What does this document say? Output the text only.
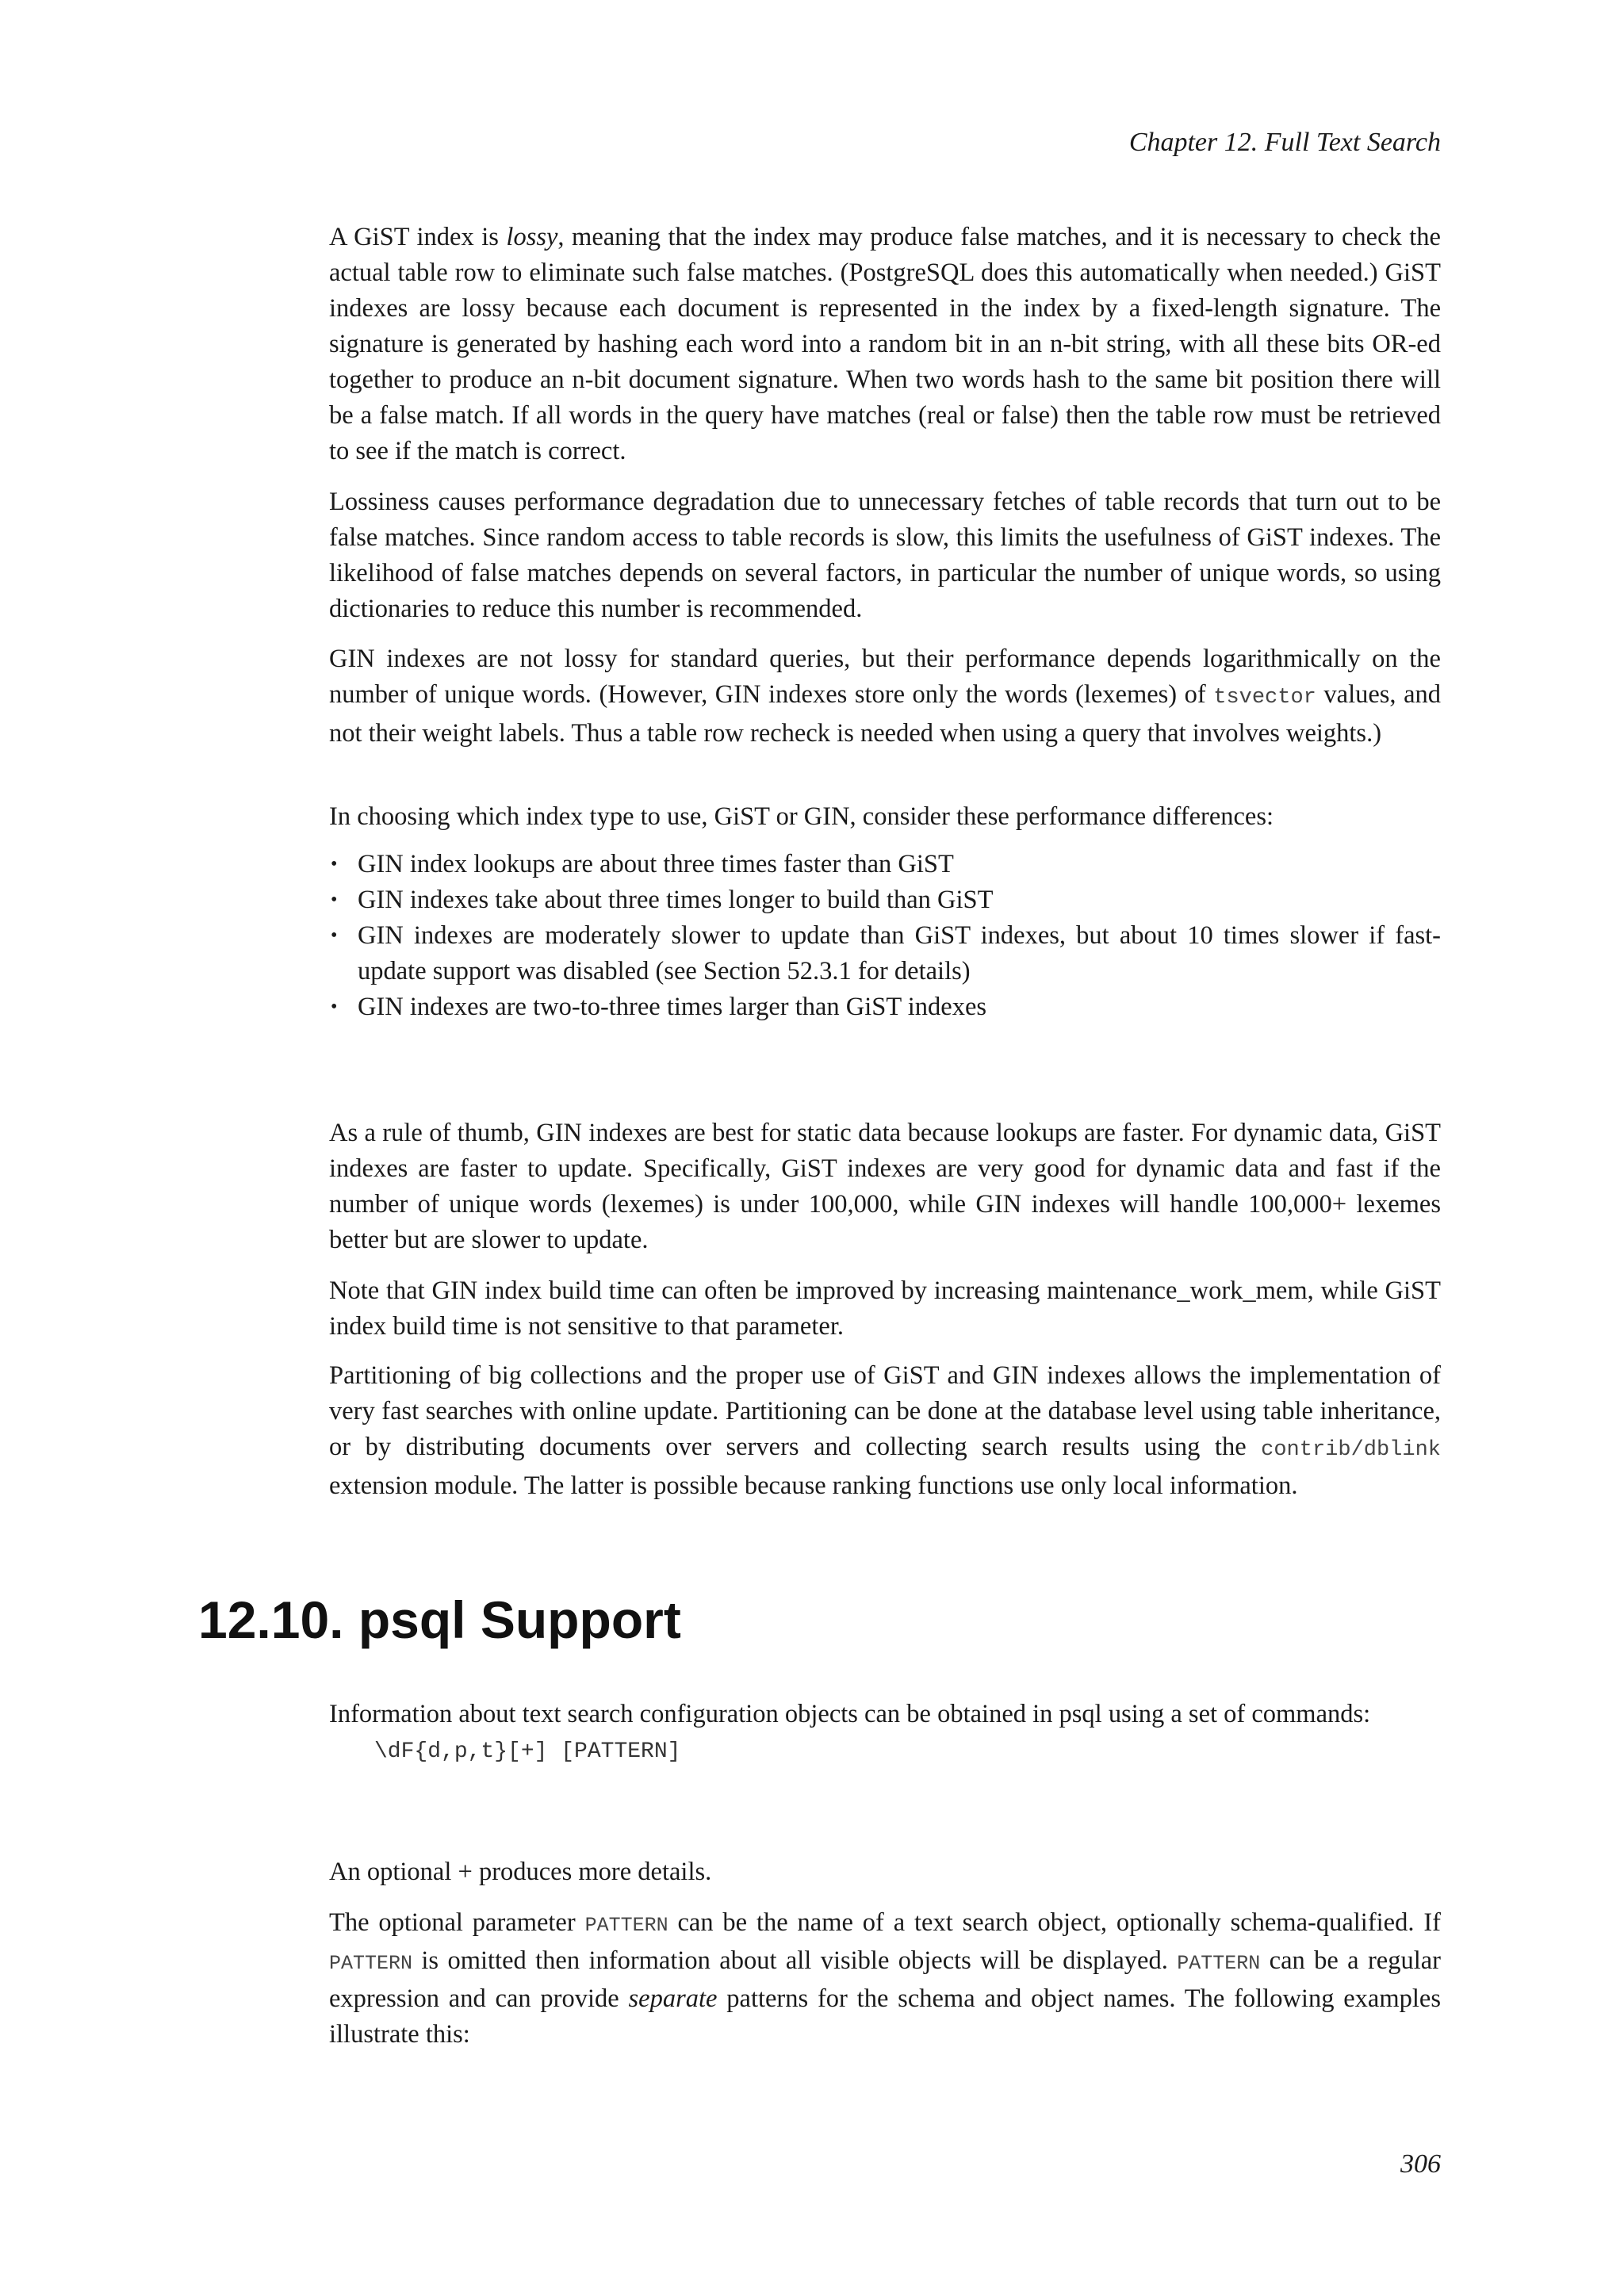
Chapter 12. Full Text Search

A GiST index is lossy, meaning that the index may produce false matches, and it is necessary to check the actual table row to eliminate such false matches. (PostgreSQL does this automatically when needed.) GiST indexes are lossy because each document is represented in the index by a fixed-length signature. The signature is generated by hashing each word into a random bit in an n-bit string, with all these bits OR-ed together to produce an n-bit document signature. When two words hash to the same bit position there will be a false match. If all words in the query have matches (real or false) then the table row must be retrieved to see if the match is correct.

Lossiness causes performance degradation due to unnecessary fetches of table records that turn out to be false matches. Since random access to table records is slow, this limits the usefulness of GiST indexes. The likelihood of false matches depends on several factors, in particular the number of unique words, so using dictionaries to reduce this number is recommended.

GIN indexes are not lossy for standard queries, but their performance depends logarithmically on the number of unique words. (However, GIN indexes store only the words (lexemes) of tsvector values, and not their weight labels. Thus a table row recheck is needed when using a query that involves weights.)

In choosing which index type to use, GiST or GIN, consider these performance differences:

• GIN index lookups are about three times faster than GiST
• GIN indexes take about three times longer to build than GiST
• GIN indexes are moderately slower to update than GiST indexes, but about 10 times slower if fast-update support was disabled (see Section 52.3.1 for details)
• GIN indexes are two-to-three times larger than GiST indexes

As a rule of thumb, GIN indexes are best for static data because lookups are faster. For dynamic data, GiST indexes are faster to update. Specifically, GiST indexes are very good for dynamic data and fast if the number of unique words (lexemes) is under 100,000, while GIN indexes will handle 100,000+ lexemes better but are slower to update.

Note that GIN index build time can often be improved by increasing maintenance_work_mem, while GiST index build time is not sensitive to that parameter.

Partitioning of big collections and the proper use of GiST and GIN indexes allows the implementation of very fast searches with online update. Partitioning can be done at the database level using table inheritance, or by distributing documents over servers and collecting search results using the contrib/dblink extension module. The latter is possible because ranking functions use only local information.

12.10. psql Support

Information about text search configuration objects can be obtained in psql using a set of commands:

\dF{d,p,t}[+] [PATTERN]

An optional + produces more details.

The optional parameter PATTERN can be the name of a text search object, optionally schema-qualified. If PATTERN is omitted then information about all visible objects will be displayed. PATTERN can be a regular expression and can provide separate patterns for the schema and object names. The following examples illustrate this:

306
